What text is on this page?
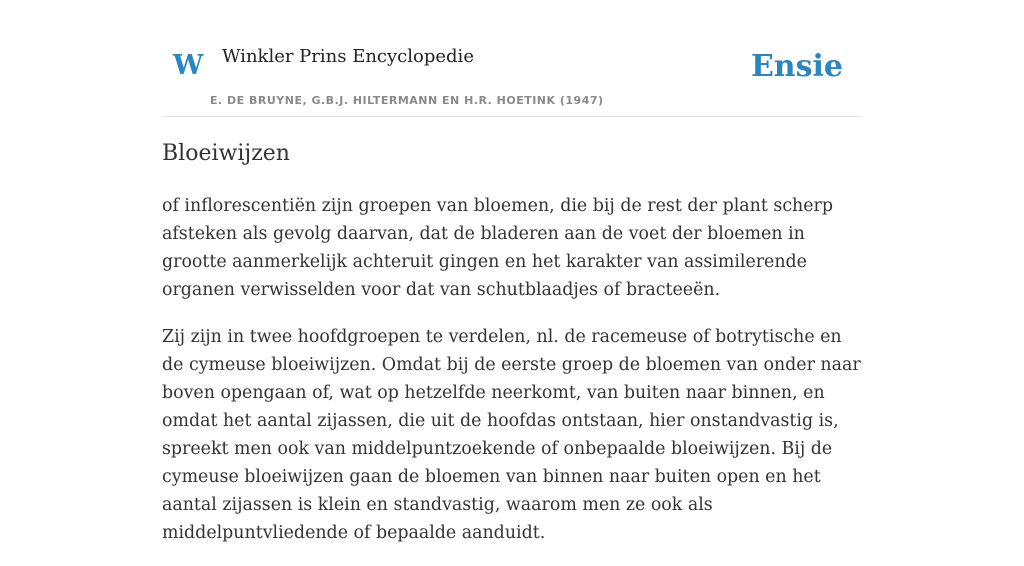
W Winkler Prins Encyclopedie
E. DE BRUYNE, G.B.J. HILTERMANN EN H.R. HOETINK (1947)
Ensie
Bloeiwijzen

of inflorescentiën zijn groepen van bloemen, die bij de rest der plant scherp afsteken als gevolg daarvan, dat de bladeren aan de voet der bloemen in grootte aanmerkelijk achteruit gingen en het karakter van assimilerende organen verwisselden voor dat van schutblaadjes of bracteeën.

Zij zijn in twee hoofdgroepen te verdelen, nl. de racemeuse of botrytische en de cymeuse bloeiwijzen. Omdat bij de eerste groep de bloemen van onder naar boven opengaan of, wat op hetzelfde neerkomt, van buiten naar binnen, en omdat het aantal zijassen, die uit de hoofdas ontstaan, hier onstandvastig is, spreekt men ook van middelpuntzoekende of onbepaalde bloeiwijzen. Bij de cymeuse bloeiwijzen gaan de bloemen van binnen naar buiten open en het aantal zijassen is klein en standvastig, waarom men ze ook als middelpuntvliedende of bepaalde aanduidt.
